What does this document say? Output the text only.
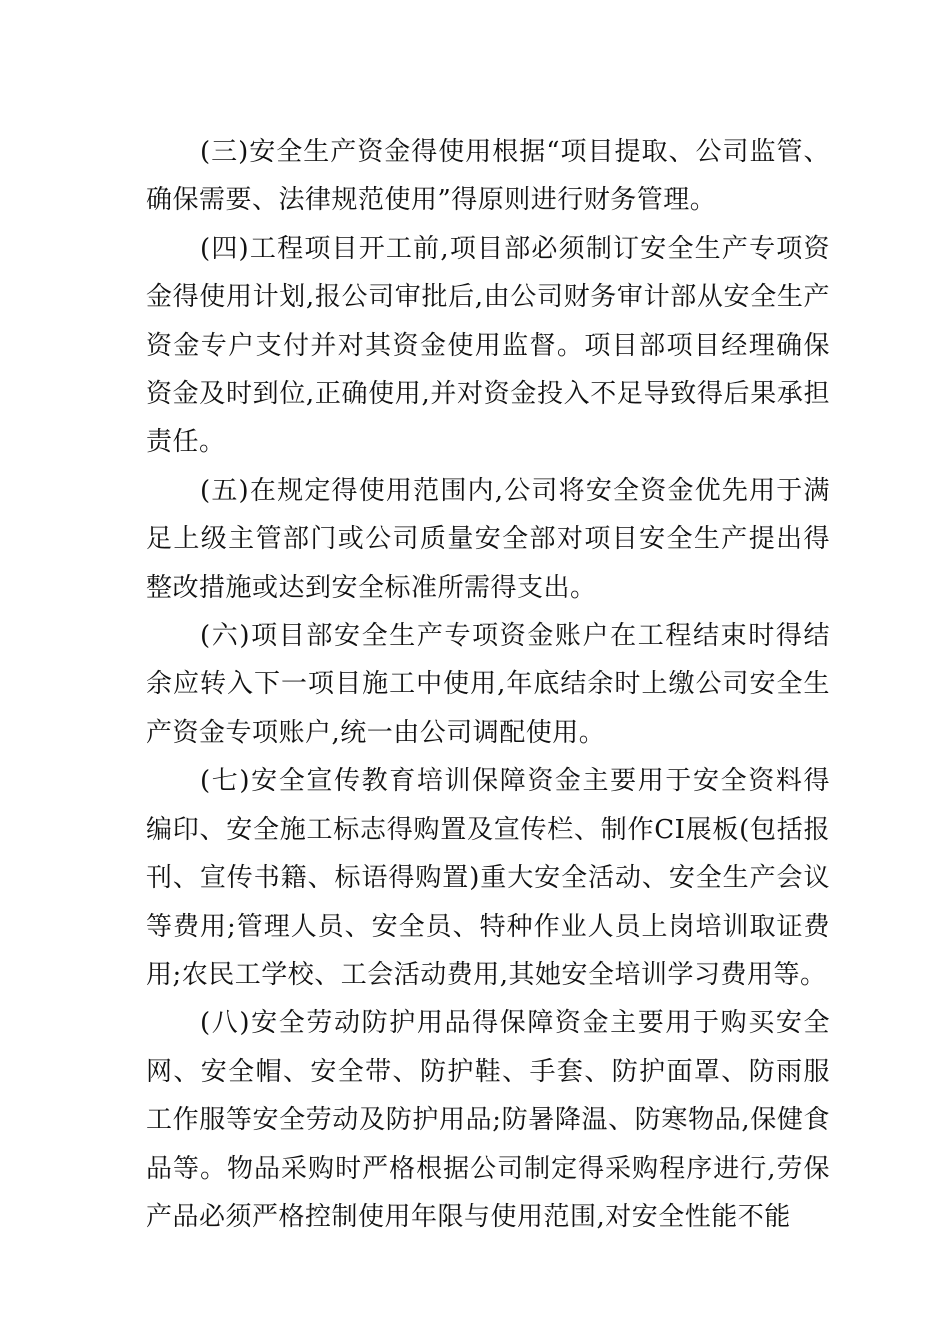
(三)安全生产资金得使用根据“项目提取、公司监管、确保需要、法律规范使用”得原则进行财务管理。

(四)工程项目开工前,项目部必须制订安全生产专项资金得使用计划,报公司审批后,由公司财务审计部从安全生产资金专户支付并对其资金使用监督。项目部项目经理确保资金及时到位,正确使用,并对资金投入不足导致得后果承担责任。

(五)在规定得使用范围内,公司将安全资金优先用于满足上级主管部门或公司质量安全部对项目安全生产提出得整改措施或达到安全标准所需得支出。

(六)项目部安全生产专项资金账户在工程结束时得结余应转入下一项目施工中使用,年底结余时上缴公司安全生产资金专项账户,统一由公司调配使用。

(七)安全宣传教育培训保障资金主要用于安全资料得编印、安全施工标志得购置及宣传栏、制作CI展板(包括报刊、宣传书籍、标语得购置)重大安全活动、安全生产会议等费用;管理人员、安全员、特种作业人员上岗培训取证费用;农民工学校、工会活动费用,其她安全培训学习费用等。

(八)安全劳动防护用品得保障资金主要用于购买安全网、安全帽、安全带、防护鞋、手套、防护面罩、防雨服工作服等安全劳动及防护用品;防暑降温、防寒物品,保健食品等。物品采购时严格根据公司制定得采购程序进行,劳保产品必须严格控制使用年限与使用范围,对安全性能不能
